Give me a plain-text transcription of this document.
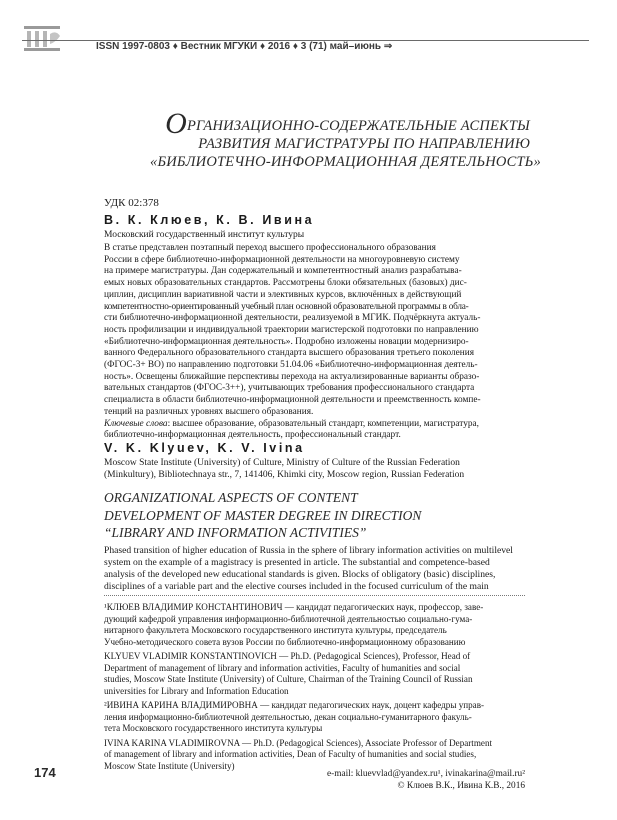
ISSN 1997-0803 ♦ Вестник МГУКИ ♦ 2016 ♦ 3 (71) май–июнь ⇒
ОРГАНИЗАЦИОННО-СОДЕРЖАТЕЛЬНЫЕ АСПЕКТЫ
РАЗВИТИЯ МАГИСТРАТУРЫ ПО НАПРАВЛЕНИЮ
«БИБЛИОТЕЧНО-ИНФОРМАЦИОННАЯ ДЕЯТЕЛЬНОСТЬ»
УДК 02:378
В. К. Клюев, К. В. Ивина
Московский государственный институт культуры
В статье представлен поэтапный переход высшего профессионального образования
России в сфере библиотечно-информационной деятельности на многоуровневую систему
на примере магистратуры. Дан содержательный и компетентностный анализ разрабатыва-
емых новых образовательных стандартов. Рассмотрены блоки обязательных (базовых) дис-
циплин, дисциплин вариативной части и элективных курсов, включённых в действующий
компетентностно-ориентированный учебный план основной образовательной программы в обла-
сти библиотечно-информационной деятельности, реализуемой в МГИК. Подчёркнута актуаль-
ность профилизации и индивидуальной траектории магистерской подготовки по направлению
«Библиотечно-информационная деятельность». Подробно изложены новации модернизиро-
ванного Федерального образовательного стандарта высшего образования третьего поколения
(ФГОС-3+ ВО) по направлению подготовки 51.04.06 «Библиотечно-информационная деятель-
ность». Освещены ближайшие перспективы перехода на актуализированные варианты образо-
вательных стандартов (ФГОС-3++), учитывающих требования профессионального стандарта
специалиста в области библиотечно-информационной деятельности и преемственность компе-
тенций на различных уровнях высшего образования.
Ключевые слова: высшее образование, образовательный стандарт, компетенции, магистратура,
библиотечно-информационная деятельность, профессиональный стандарт.
V. K. Klyuev, K. V. Ivina
Moscow State Institute (University) of Culture, Ministry of Culture of the Russian Federation
(Minkultury), Bibliotechnaya str., 7, 141406, Khimki city, Moscow region, Russian Federation
ORGANIZATIONAL ASPECTS OF CONTENT
DEVELOPMENT OF MASTER DEGREE IN DIRECTION
“LIBRARY AND INFORMATION ACTIVITIES”
Phased transition of higher education of Russia in the sphere of library information activities on multilevel
system on the example of a magistracy is presented in article. The substantial and competence-based
analysis of the developed new educational standards is given. Blocks of obligatory (basic) disciplines,
disciplines of a variable part and the elective courses included in the focused curriculum of the main
¹КЛЮЕВ ВЛАДИМИР КОНСТАНТИНОВИЧ — кандидат педагогических наук, профессор, заве-
дующий кафедрой управления информационно-библиотечной деятельностью социально-гума-
нитарного факультета Московского государственного института культуры, председатель
Учебно-методического совета вузов России по библиотечно-информационному образованию
KLYUEV VLADIMIR KONSTANTINOVICH — Ph.D. (Pedagogical Sciences), Professor, Head of
Department of management of library and information activities, Faculty of humanities and social
studies, Moscow State Institute (University) of Culture, Chairman of the Training Council of Russian
universities for Library and Information Education
²ИВИНА КАРИНА ВЛАДИМИРОВНА — кандидат педагогических наук, доцент кафедры управ-
ления информационно-библиотечной деятельностью, декан социально-гуманитарного факуль-
тета Московского государственного института культуры
IVINA KARINA VLADIMIROVNA — Ph.D. (Pedagogical Sciences), Associate Professor of Department
of management of library and information activities, Dean of Faculty of humanities and social studies,
Moscow State Institute (University)
174	e-mail: kluevvlad@yandex.ru¹, ivinakarina@mail.ru²
© Клюев В.К., Ивина К.В., 2016
